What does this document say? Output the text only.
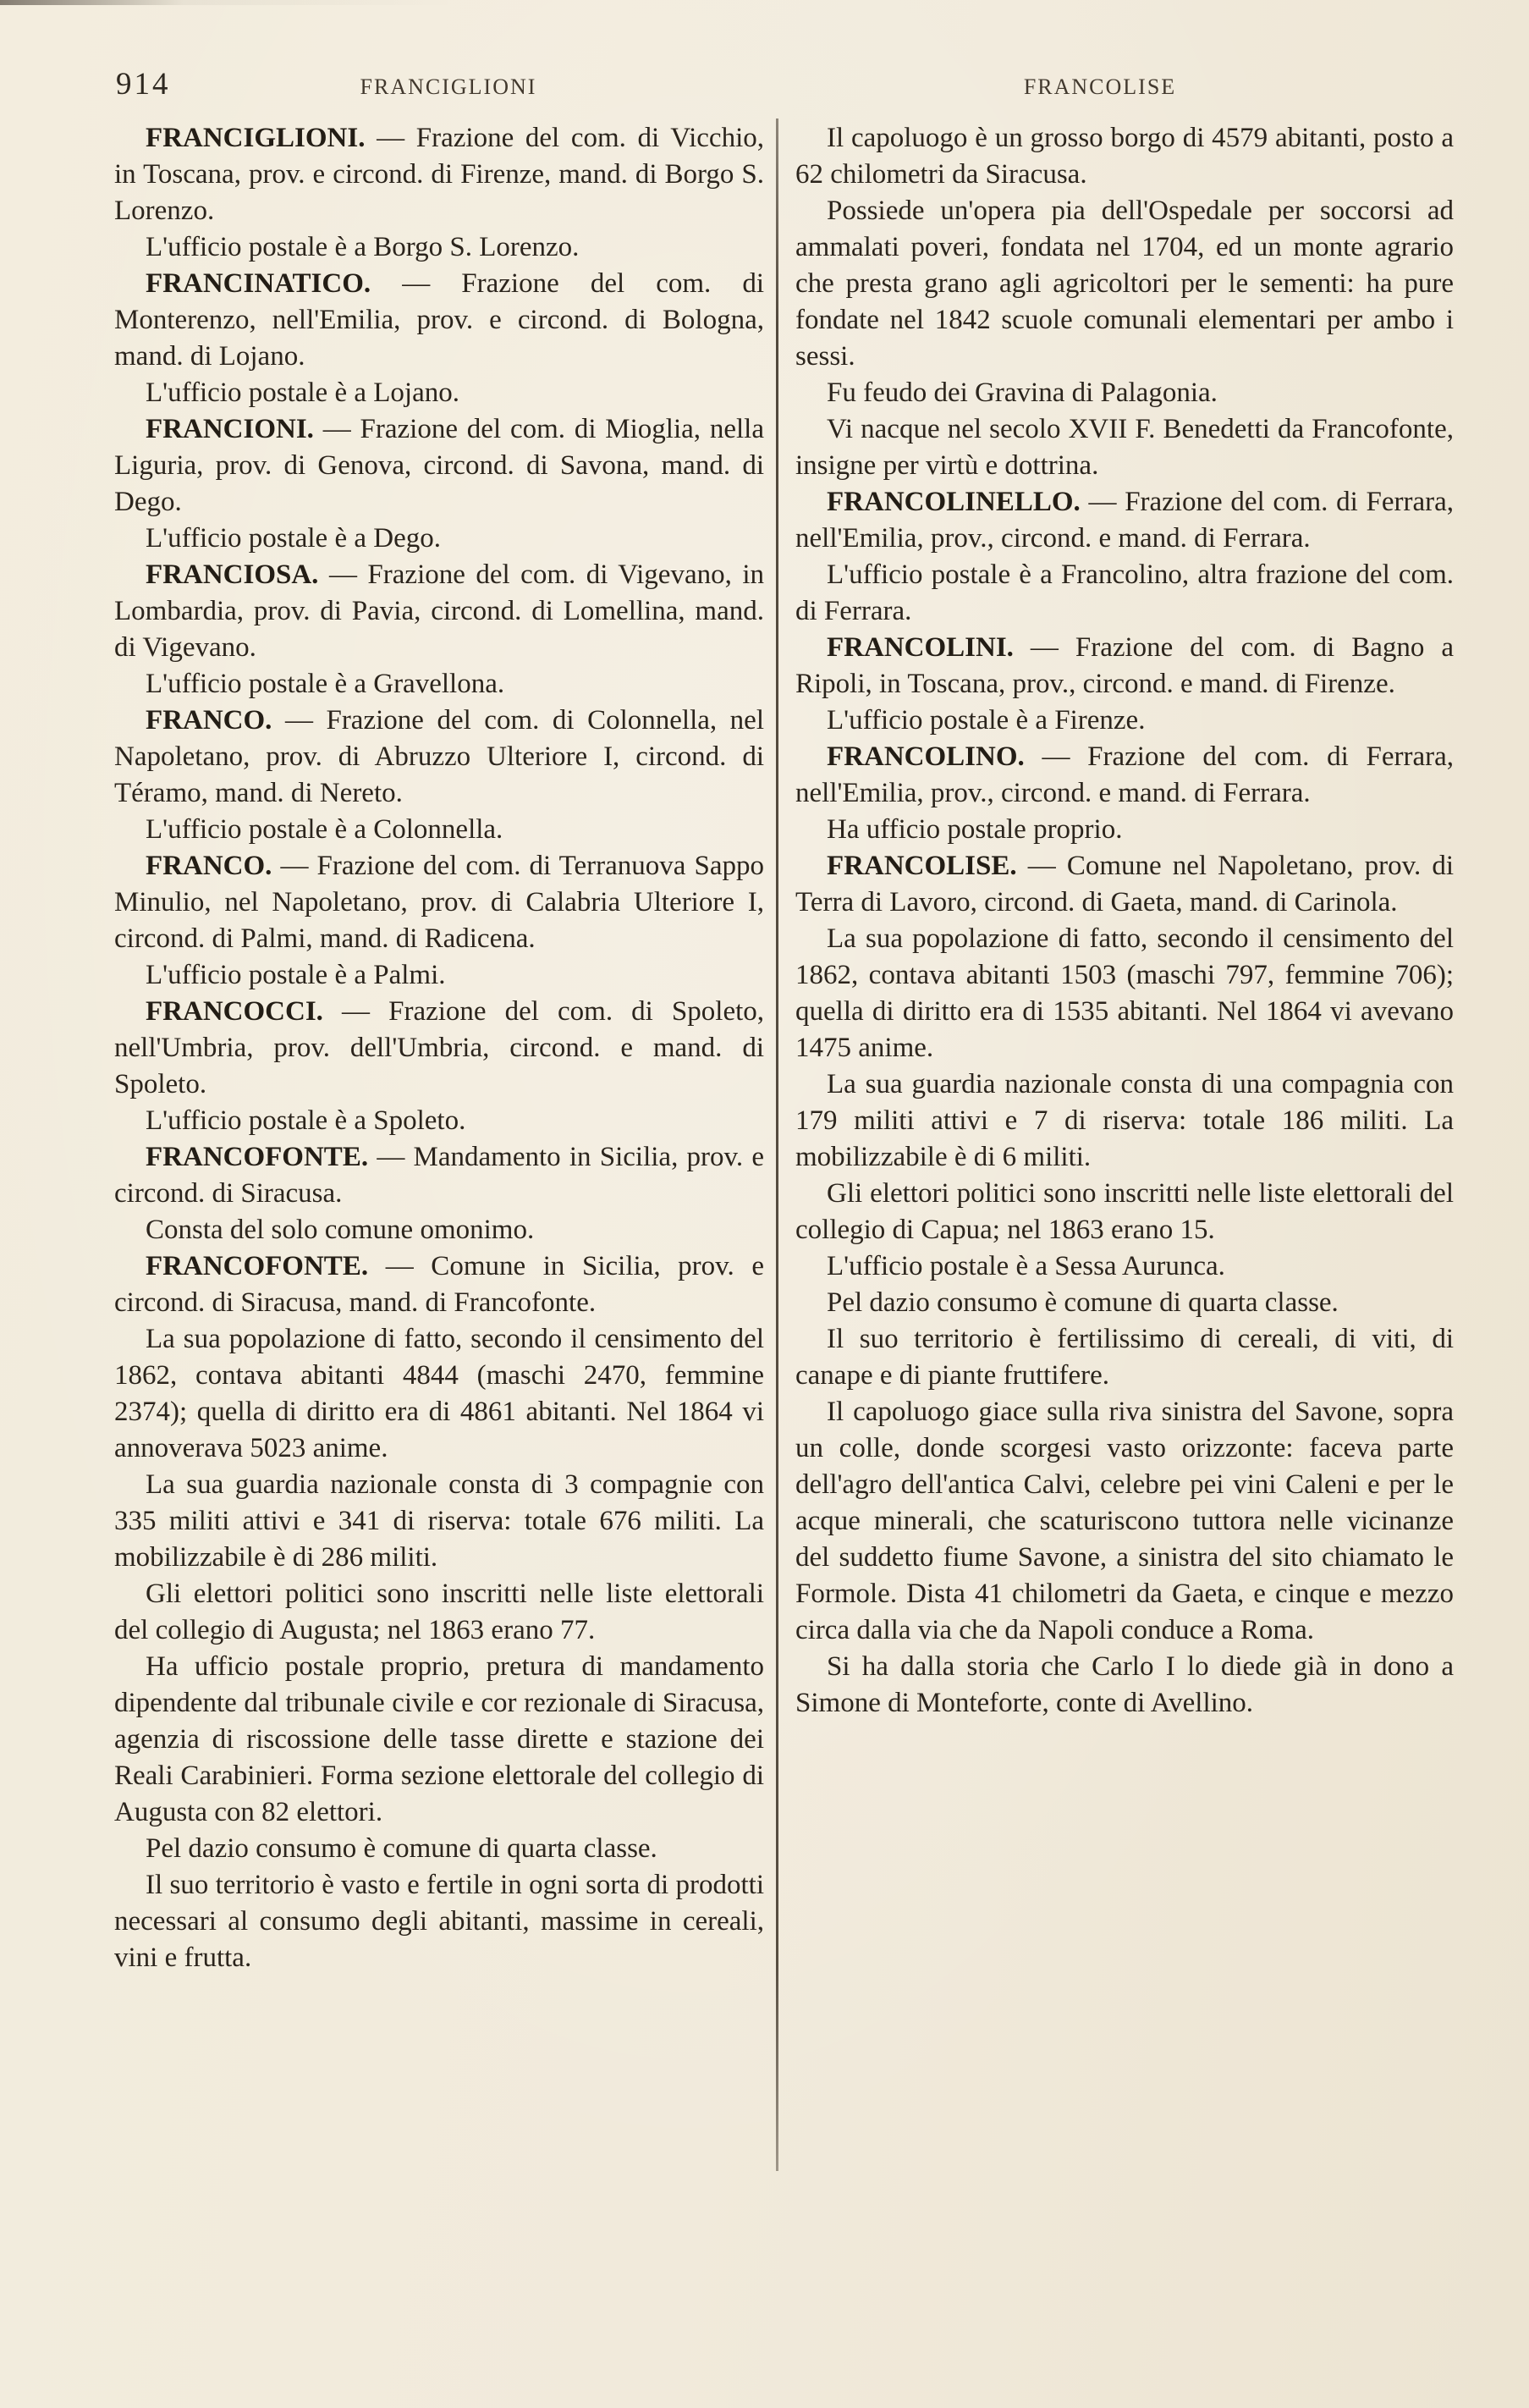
914	FRANCIGLIONI	FRANCOLISE

FRANCIGLIONI. — Frazione del com. di Vicchio, in Toscana, prov. e circond. di Firenze, mand. di Borgo S. Lorenzo.

L'ufficio postale è a Borgo S. Lorenzo.

FRANCINATICO. — Frazione del com. di Monterenzo, nell'Emilia, prov. e circond. di Bologna, mand. di Lojano.

L'ufficio postale è a Lojano.

FRANCIONI. — Frazione del com. di Mioglia, nella Liguria, prov. di Genova, circond. di Savona, mand. di Dego.

L'ufficio postale è a Dego.

FRANCIOSA. — Frazione del com. di Vigevano, in Lombardia, prov. di Pavia, circond. di Lomellina, mand. di Vigevano.

L'ufficio postale è a Gravellona.

FRANCO. — Frazione del com. di Colonnella, nel Napoletano, prov. di Abruzzo Ulteriore I, circond. di Téramo, mand. di Nereto.

L'ufficio postale è a Colonnella.

FRANCO. — Frazione del com. di Terranuova Sappo Minulio, nel Napoletano, prov. di Calabria Ulteriore I, circond. di Palmi, mand. di Radicena.

L'ufficio postale è a Palmi.

FRANCOCCI. — Frazione del com. di Spoleto, nell'Umbria, prov. dell'Umbria, circond. e mand. di Spoleto.

L'ufficio postale è a Spoleto.

FRANCOFONTE. — Mandamento in Sicilia, prov. e circond. di Siracusa.

Consta del solo comune omonimo.

FRANCOFONTE. — Comune in Sicilia, prov. e circond. di Siracusa, mand. di Francofonte.

La sua popolazione di fatto, secondo il censimento del 1862, contava abitanti 4844 (maschi 2470, femmine 2374); quella di diritto era di 4861 abitanti. Nel 1864 vi annoverava 5023 anime.

La sua guardia nazionale consta di 3 compagnie con 335 militi attivi e 341 di riserva: totale 676 militi. La mobilizzabile è di 286 militi.

Gli elettori politici sono inscritti nelle liste elettorali del collegio di Augusta; nel 1863 erano 77.

Ha ufficio postale proprio, pretura di mandamento dipendente dal tribunale civile e cor rezionale di Siracusa, agenzia di riscossione delle tasse dirette e stazione dei Reali Carabinieri. Forma sezione elettorale del collegio di Augusta con 82 elettori.

Pel dazio consumo è comune di quarta classe.

Il suo territorio è vasto e fertile in ogni sorta di prodotti necessari al consumo degli abitanti, massime in cereali, vini e frutta.

Il capoluogo è un grosso borgo di 4579 abitanti, posto a 62 chilometri da Siracusa.

Possiede un'opera pia dell'Ospedale per soccorsi ad ammalati poveri, fondata nel 1704, ed un monte agrario che presta grano agli agricoltori per le sementi: ha pure fondate nel 1842 scuole comunali elementari per ambo i sessi.

Fu feudo dei Gravina di Palagonia.

Vi nacque nel secolo XVII F. Benedetti da Francofonte, insigne per virtù e dottrina.

FRANCOLINELLO. — Frazione del com. di Ferrara, nell'Emilia, prov., circond. e mand. di Ferrara.

L'ufficio postale è a Francolino, altra frazione del com. di Ferrara.

FRANCOLINI. — Frazione del com. di Bagno a Ripoli, in Toscana, prov., circond. e mand. di Firenze.

L'ufficio postale è a Firenze.

FRANCOLINO. — Frazione del com. di Ferrara, nell'Emilia, prov., circond. e mand. di Ferrara.

Ha ufficio postale proprio.

FRANCOLISE. — Comune nel Napoletano, prov. di Terra di Lavoro, circond. di Gaeta, mand. di Carinola.

La sua popolazione di fatto, secondo il censimento del 1862, contava abitanti 1503 (maschi 797, femmine 706); quella di diritto era di 1535 abitanti. Nel 1864 vi avevano 1475 anime.

La sua guardia nazionale consta di una compagnia con 179 militi attivi e 7 di riserva: totale 186 militi. La mobilizzabile è di 6 militi.

Gli elettori politici sono inscritti nelle liste elettorali del collegio di Capua; nel 1863 erano 15.

L'ufficio postale è a Sessa Aurunca.

Pel dazio consumo è comune di quarta classe.

Il suo territorio è fertilissimo di cereali, di viti, di canape e di piante fruttifere.

Il capoluogo giace sulla riva sinistra del Savone, sopra un colle, donde scorgesi vasto orizzonte: faceva parte dell'agro dell'antica Calvi, celebre pei vini Caleni e per le acque minerali, che scaturiscono tuttora nelle vicinanze del suddetto fiume Savone, a sinistra del sito chiamato le Formole. Dista 41 chilometri da Gaeta, e cinque e mezzo circa dalla via che da Napoli conduce a Roma.

Si ha dalla storia che Carlo I lo diede già in dono a Simone di Monteforte, conte di Avellino.
